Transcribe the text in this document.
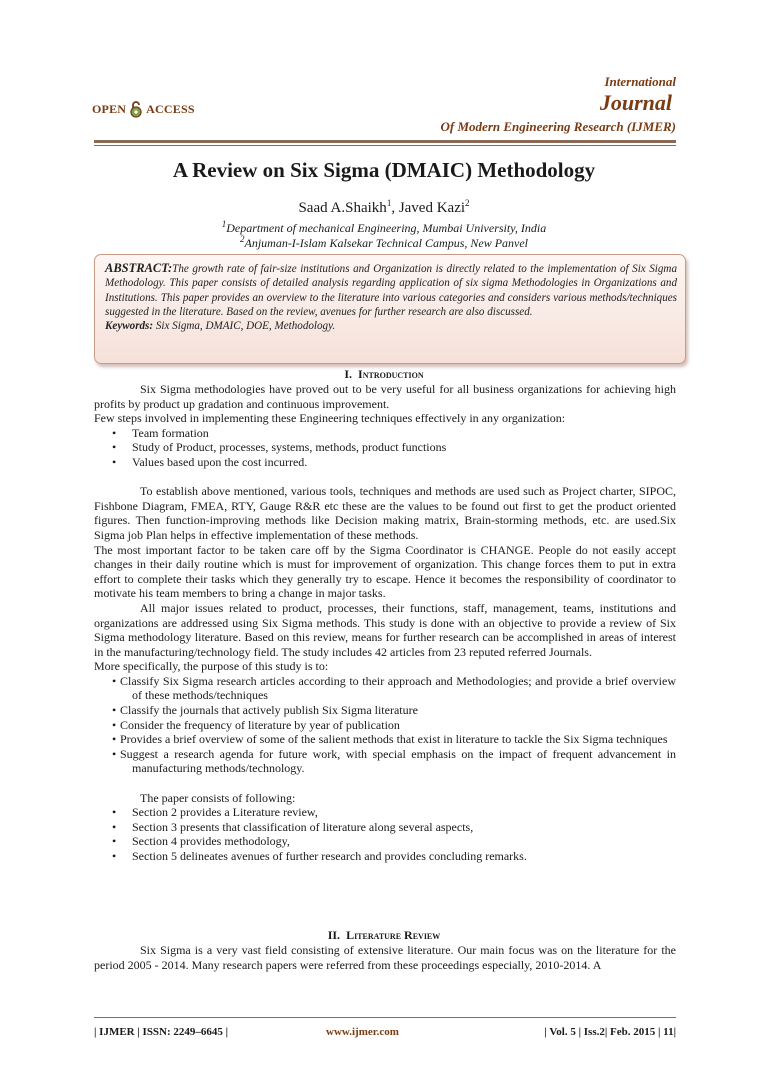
OPEN ACCESS
International
Journal
Of Modern Engineering Research (IJMER)
A Review on Six Sigma (DMAIC) Methodology
Saad A.Shaikh$^1$, Javed Kazi$^2$
$^1$Department of mechanical Engineering, Mumbai University, India
$^2$Anjuman-I-Islam Kalsekar Technical Campus, New Panvel
ABSTRACT:The growth rate of fair-size institutions and Organization is directly related to the implementation of Six Sigma Methodology. This paper consists of detailed analysis regarding application of six sigma Methodologies in Organizations and Institutions. This paper provides an overview to the literature into various categories and considers various methods/techniques suggested in the literature. Based on the review, avenues for further research are also discussed.
Keywords: Six Sigma, DMAIC, DOE, Methodology.
I. Introduction

Six Sigma methodologies have proved out to be very useful for all business organizations for achieving high profits by product up gradation and continuous improvement.

Few steps involved in implementing these Engineering techniques effectively in any organization:

• Team formation
• Study of Product, processes, systems, methods, product functions
• Values based upon the cost incurred.

To establish above mentioned, various tools, techniques and methods are used such as Project charter, SIPOC, Fishbone Diagram, FMEA, RTY, Gauge R&R etc these are the values to be found out first to get the product oriented figures. Then function-improving methods like Decision making matrix, Brain-storming methods, etc. are used.Six Sigma job Plan helps in effective implementation of these methods.

The most important factor to be taken care off by the Sigma Coordinator is CHANGE. People do not easily accept changes in their daily routine which is must for improvement of organization. This change forces them to put in extra effort to complete their tasks which they generally try to escape. Hence it becomes the responsibility of coordinator to motivate his team members to bring a change in major tasks.

All major issues related to product, processes, their functions, staff, management, teams, institutions and organizations are addressed using Six Sigma methods. This study is done with an objective to provide a review of Six Sigma methodology literature. Based on this review, means for further research can be accomplished in areas of interest in the manufacturing/technology field. The study includes 42 articles from 23 reputed referred Journals.

More specifically, the purpose of this study is to:

• Classify Six Sigma research articles according to their approach and Methodologies; and provide a brief overview of these methods/techniques
• Classify the journals that actively publish Six Sigma literature
• Consider the frequency of literature by year of publication
• Provides a brief overview of some of the salient methods that exist in literature to tackle the Six Sigma techniques
• Suggest a research agenda for future work, with special emphasis on the impact of frequent advancement in manufacturing methods/technology.

The paper consists of following:

• Section 2 provides a Literature review,
• Section 3 presents that classification of literature along several aspects,
• Section 4 provides methodology,
• Section 5 delineates avenues of further research and provides concluding remarks.
II. Literature Review

Six Sigma is a very vast field consisting of extensive literature. Our main focus was on the literature for the period 2005 - 2014. Many research papers were referred from these proceedings especially, 2010-2014. A

| IJMER | ISSN: 2249–6645 |	www.ijmer.com	| Vol. 5 | Iss.2| Feb. 2015 | 11|
